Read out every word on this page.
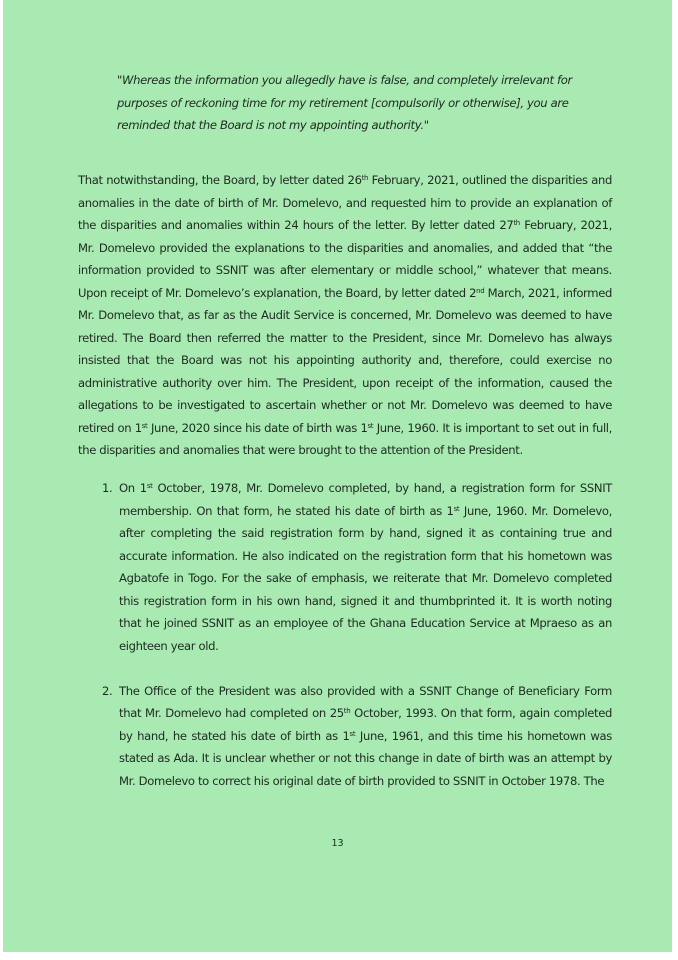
"Whereas the information you allegedly have is false, and completely irrelevant for purposes of reckoning time for my retirement [compulsorily or otherwise], you are reminded that the Board is not my appointing authority."
That notwithstanding, the Board, by letter dated 26th February, 2021, outlined the disparities and anomalies in the date of birth of Mr. Domelevo, and requested him to provide an explanation of the disparities and anomalies within 24 hours of the letter. By letter dated 27th February, 2021, Mr. Domelevo provided the explanations to the disparities and anomalies, and added that “the information provided to SSNIT was after elementary or middle school,” whatever that means. Upon receipt of Mr. Domelevo’s explanation, the Board, by letter dated 2nd March, 2021, informed Mr. Domelevo that, as far as the Audit Service is concerned, Mr. Domelevo was deemed to have retired. The Board then referred the matter to the President, since Mr. Domelevo has always insisted that the Board was not his appointing authority and, therefore, could exercise no administrative authority over him. The President, upon receipt of the information, caused the allegations to be investigated to ascertain whether or not Mr. Domelevo was deemed to have retired on 1st June, 2020 since his date of birth was 1st June, 1960. It is important to set out in full, the disparities and anomalies that were brought to the attention of the President.
1. On 1st October, 1978, Mr. Domelevo completed, by hand, a registration form for SSNIT membership. On that form, he stated his date of birth as 1st June, 1960. Mr. Domelevo, after completing the said registration form by hand, signed it as containing true and accurate information. He also indicated on the registration form that his hometown was Agbatofe in Togo. For the sake of emphasis, we reiterate that Mr. Domelevo completed this registration form in his own hand, signed it and thumbprinted it. It is worth noting that he joined SSNIT as an employee of the Ghana Education Service at Mpraeso as an eighteen year old.
2. The Office of the President was also provided with a SSNIT Change of Beneficiary Form that Mr. Domelevo had completed on 25th October, 1993. On that form, again completed by hand, he stated his date of birth as 1st June, 1961, and this time his hometown was stated as Ada. It is unclear whether or not this change in date of birth was an attempt by Mr. Domelevo to correct his original date of birth provided to SSNIT in October 1978. The
13
